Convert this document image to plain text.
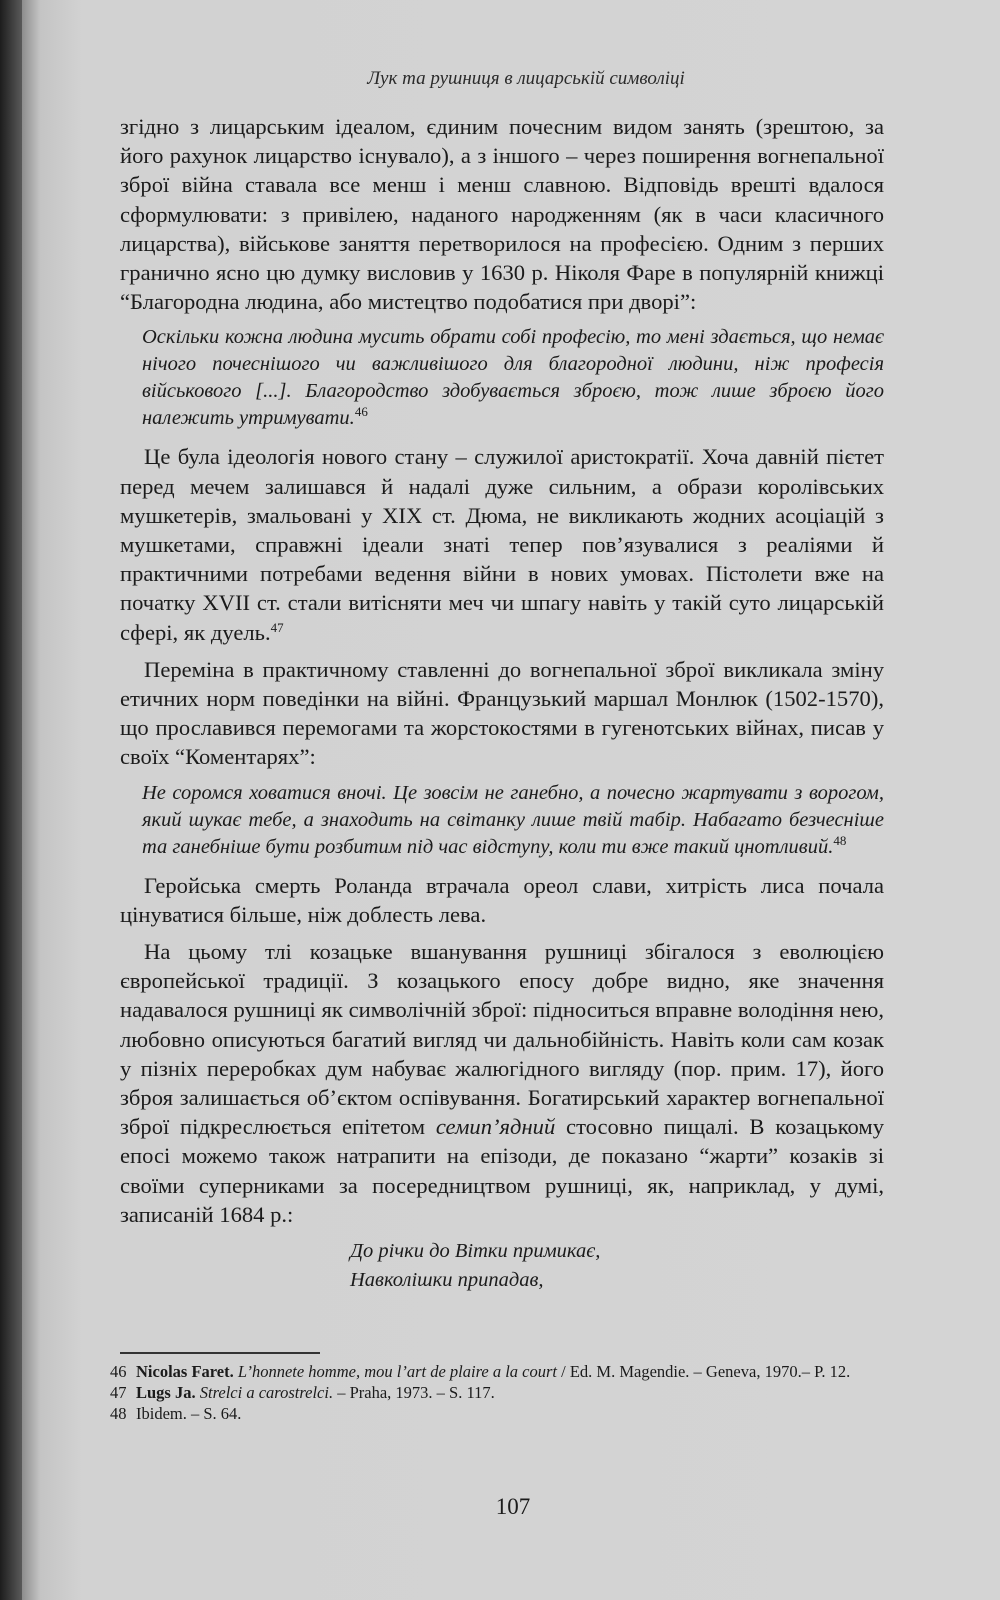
Лук та рушниця в лицарській символіці

згідно з лицарським ідеалом, єдиним почесним видом занять (зрештою, за його рахунок лицарство існувало), а з іншого – через поширення вогнепальної зброї війна ставала все менш і менш славною. Відповідь врешті вдалося сформулювати: з привілею, наданого народженням (як в часи класичного лицарства), військове заняття перетворилося на професією. Одним з перших гранично ясно цю думку висловив у 1630 р. Ніколя Фаре в популярній книжці “Благородна людина, або мистецтво подобатися при дворі”:

Оскільки кожна людина мусить обрати собі професію, то мені здається, що немає нічого почеснішого чи важливішого для благородної людини, ніж професія військового [...]. Благородство здобувається зброєю, тож лише зброєю його належить утримувати.$^{46}$

Це була ідеологія нового стану – служилої аристократії. Хоча давній пієтет перед мечем залишався й надалі дуже сильним, а образи королівських мушкетерів, змальовані у XIX ст. Дюма, не викликають жодних асоціацій з мушкетами, справжні ідеали знаті тепер пов’язувалися з реаліями й практичними потребами ведення війни в нових умовах. Пістолети вже на початку XVII ст. стали витісняти меч чи шпагу навіть у такій суто лицарській сфері, як дуель.$^{47}$

Переміна в практичному ставленні до вогнепальної зброї викликала зміну етичних норм поведінки на війні. Французький маршал Монлюк (1502-1570), що прославився перемогами та жорстокостями в гугенотських війнах, писав у своїх “Коментарях”:

Не соромся ховатися вночі. Це зовсім не ганебно, а почесно жартувати з ворогом, який шукає тебе, а знаходить на світанку лише твій табір. Набагато безчесніше та ганебніше бути розбитим під час відступу, коли ти вже такий цнотливий.$^{48}$

Геройська смерть Роланда втрачала ореол слави, хитрість лиса почала цінуватися більше, ніж доблесть лева.

На цьому тлі козацьке вшанування рушниці збігалося з еволюцією європейської традиції. З козацького епосу добре видно, яке значення надавалося рушниці як символічній зброї: підноситься вправне володіння нею, любовно описуються багатий вигляд чи дальнобійність. Навіть коли сам козак у пізніх переробках дум набуває жалюгідного вигляду (пор. прим. 17), його зброя залишається об’єктом оспівування. Богатирський характер вогнепальної зброї підкреслюється епітетом семип’ядний стосовно пищалі. В козацькому епосі можемо також натрапити на епізоди, де показано “жарти” козаків зі своїми суперниками за посередництвом рушниці, як, наприклад, у думі, записаній 1684 р.:

До річки до Вітки примикає,
Навколішки припадав,
46 Nicolas Faret. L’honnete homme, mou l’art de plaire a la court / Ed. M. Magendie. – Geneva, 1970.– P. 12.
47 Lugs Ja. Strelci a carostrelci. – Praha, 1973. – S. 117.
48 Ibidem. – S. 64.
107
